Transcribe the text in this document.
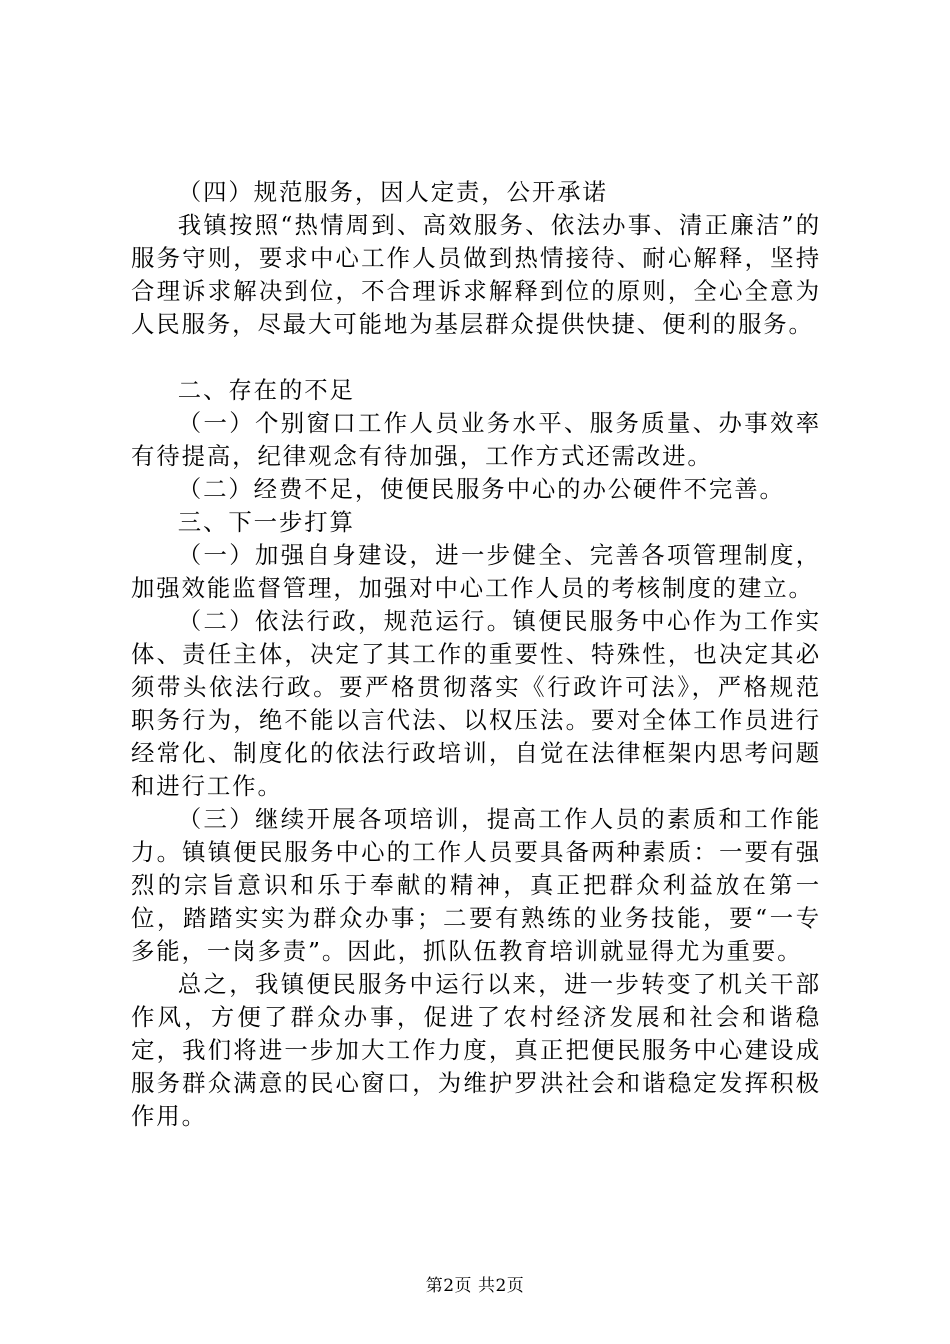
（四）规范服务，因人定责，公开承诺

我镇按照“热情周到、高效服务、依法办事、清正廉洁”的服务守则，要求中心工作人员做到热情接待、耐心解释，坚持合理诉求解决到位，不合理诉求解释到位的原则，全心全意为人民服务，尽最大可能地为基层群众提供快捷、便利的服务。

二、存在的不足

（一）个别窗口工作人员业务水平、服务质量、办事效率有待提高，纪律观念有待加强，工作方式还需改进。

（二）经费不足，使便民服务中心的办公硬件不完善。

三、下一步打算

（一）加强自身建设，进一步健全、完善各项管理制度，加强效能监督管理，加强对中心工作人员的考核制度的建立。

（二）依法行政，规范运行。镇便民服务中心作为工作实体、责任主体，决定了其工作的重要性、特殊性，也决定其必须带头依法行政。要严格贯彻落实《行政许可法》，严格规范职务行为，绝不能以言代法、以权压法。要对全体工作员进行经常化、制度化的依法行政培训，自觉在法律框架内思考问题和进行工作。

（三）继续开展各项培训，提高工作人员的素质和工作能力。镇镇便民服务中心的工作人员要具备两种素质：一要有强烈的宗旨意识和乐于奉献的精神，真正把群众利益放在第一位，踏踏实实为群众办事；二要有熟练的业务技能，要“一专多能，一岗多责”。因此，抓队伍教育培训就显得尤为重要。

总之，我镇便民服务中运行以来，进一步转变了机关干部作风，方便了群众办事，促进了农村经济发展和社会和谐稳定，我们将进一步加大工作力度，真正把便民服务中心建设成服务群众满意的民心窗口，为维护罗洪社会和谐稳定发挥积极作用。

第2页 共2页
